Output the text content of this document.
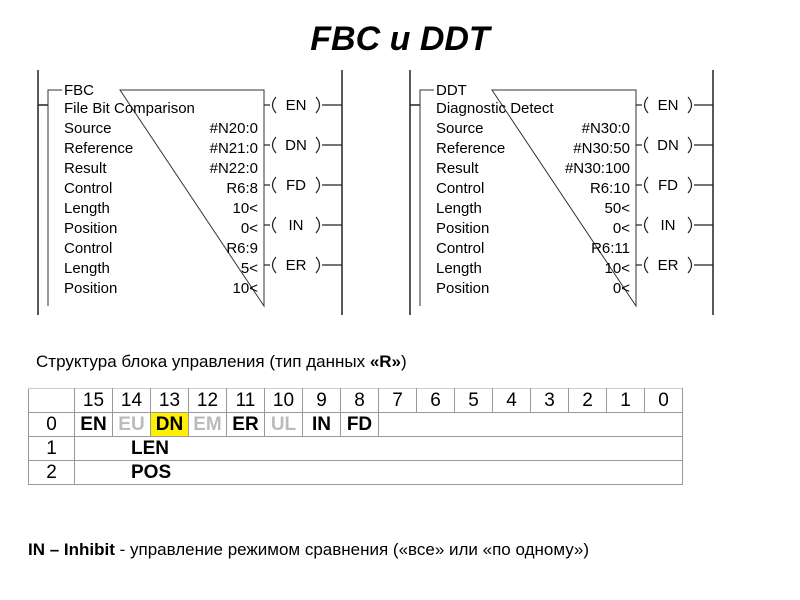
FBC и DDT
FBC
File Bit Comparison
Source	#N20:0
Reference	#N21:0
Result	#N22:0
Control	R6:8
Length	10<
Position	0<
Control	R6:9
Length	5<
Position	10<
EN
DN
FD
IN
ER
DDT
Diagnostic Detect
Source	#N30:0
Reference	#N30:50
Result	#N30:100
Control	R6:10
Length	50<
Position	0<
Control	R6:11
Length	10<
Position	0<
EN
DN
FD
IN
ER
Структура блока управления (тип данных «R»)
	15	14	13	12	11	10	9	8	7	6	5	4	3	2	1	0
0	EN	EU	DN	EM	ER	UL	IN	FD								
1	LEN															
2	POS															
IN – Inhibit - управление режимом сравнения («все» или «по одному»)
